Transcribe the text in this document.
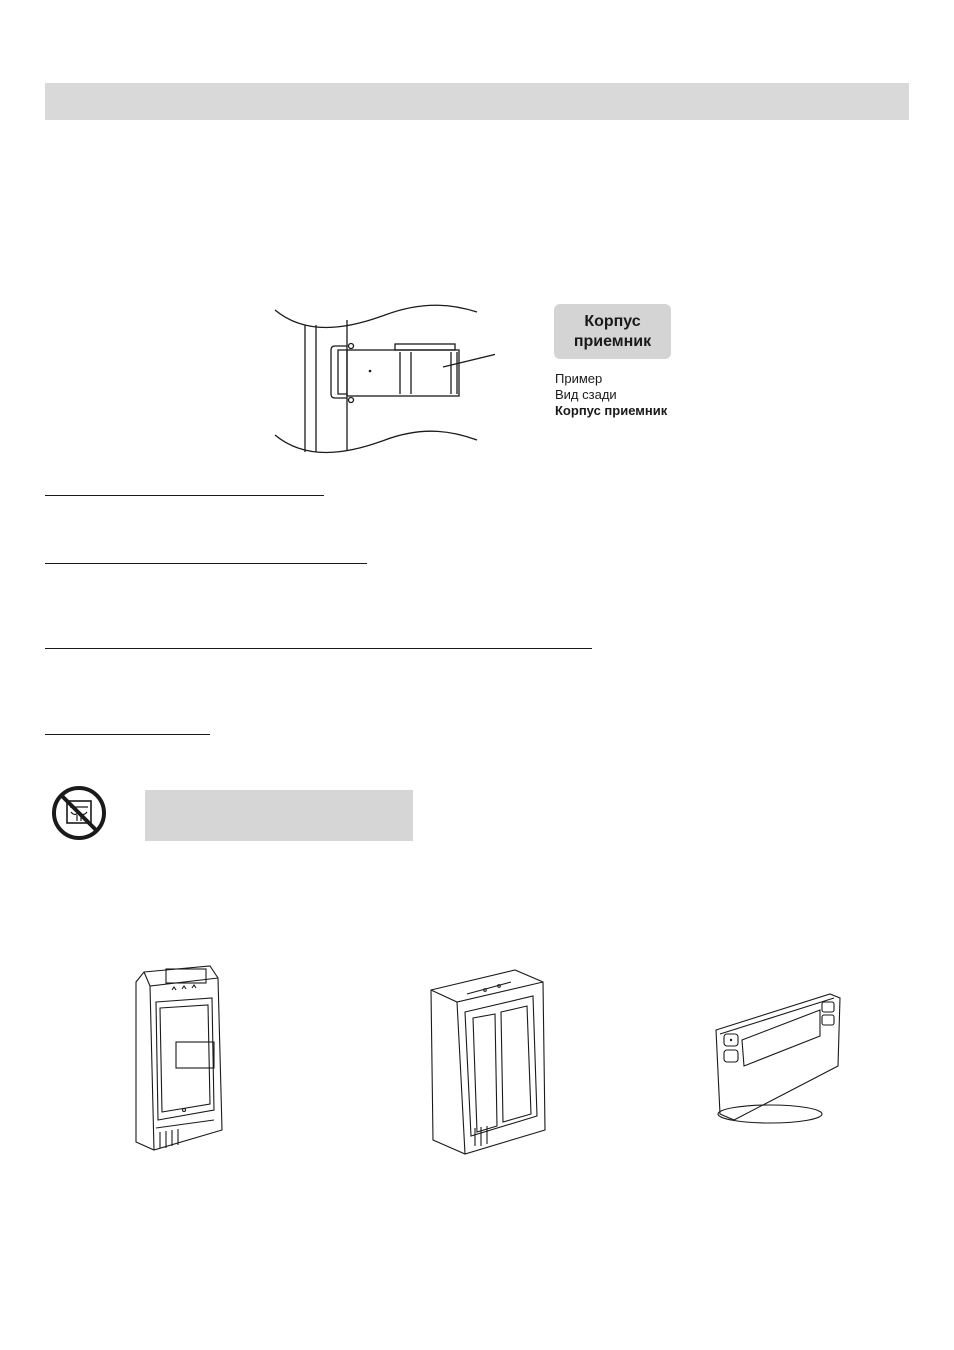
Корпус
приемник
Пример
Вид сзади
Корпус приемник
